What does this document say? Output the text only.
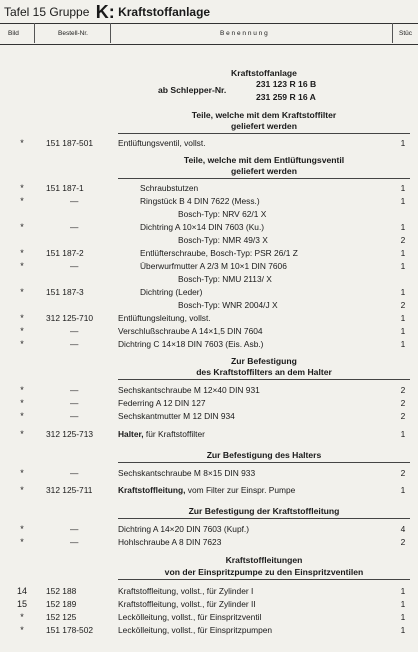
Tafel 15 Gruppe K: Kraftstoffanlage
Bild	Bestell-Nr.	B e n e n n u n g	Stüc
Kraftstoffanlage
ab Schlepper-Nr.
231 123 R 16 B
231 259 R 16 A
Teile, welche mit dem Kraftstoffilter
geliefert werden
*	151 187-501	Entlüftungsventil, vollst.	1
Teile, welche mit dem Entlüftungsventil
geliefert werden
*	151 187-1	Schraubstutzen	1
*	—	Ringstück B 4 DIN 7622 (Mess.)	1
Bosch-Typ: NRV 62/1 X
*	—	Dichtring A 10×14 DIN 7603 (Ku.)	1
Bosch-Typ: NMR 49/3 X	2
*	151 187-2	Entlüfterschraube, Bosch-Typ: PSR 26/1 Z	1
*	—	Überwurfmutter A 2/3 M 10×1 DIN 7606	1
Bosch-Typ: NMU 2113/ X
*	151 187-3	Dichtring (Leder)	1
Bosch-Typ: WNR 2004/J X	2
*	312 125-710	Entlüftungsleitung, vollst.	1
*	—	Verschlußschraube A 14×1,5 DIN 7604	1
*	—	Dichtring C 14×18 DIN 7603 (Eis. Asb.)	1
Zur Befestigung
des Kraftstoffilters an dem Halter
*	—	Sechskantschraube M 12×40 DIN 931	2
*	—	Federring A 12 DIN 127	2
*	—	Sechskantmutter M 12 DIN 934	2
*	312 125-713	Halter, für Kraftstoffilter	1
Zur Befestigung des Halters
*	—	Sechskantschraube M 8×15 DIN 933	2
*	312 125-711	Kraftstoffleitung, vom Filter zur Einspr. Pumpe	1
Zur Befestigung der Kraftstoffleitung
*	—	Dichtring A 14×20 DIN 7603 (Kupf.)	4
*	—	Hohlschraube A 8 DIN 7623	2
Kraftstoffleitungen
von der Einspritzpumpe zu den Einspritzventilen
14	152 188	Kraftstoffleitung, vollst., für Zylinder I	1
15	152 189	Kraftstoffleitung, vollst., für Zylinder II	1
*	152 125	Leckölleitung, vollst., für Einspritzventil	1
*	151 178-502	Leckölleitung, vollst., für Einspritzpumpen	1
